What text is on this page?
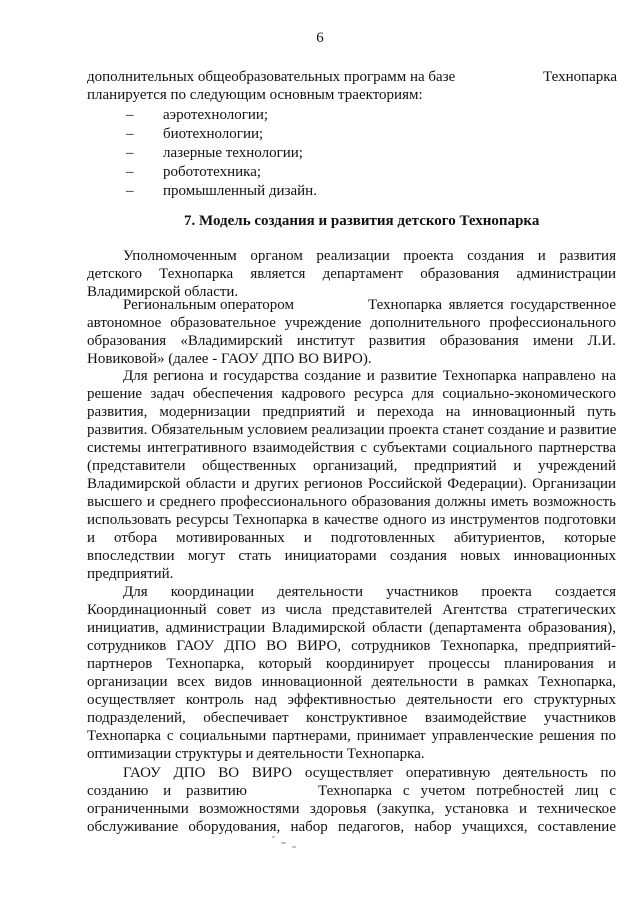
6
дополнительных общеобразовательных программ на базе	Технопарка
планируется по следующим основным траекториям:
– аэротехнологии;
– биотехнологии;
– лазерные технологии;
– робототехника;
– промышленный дизайн.
7. Модель создания и развития детского Технопарка
Уполномоченным органом реализации проекта создания и развития
детского Технопарка является департамент образования администрации
Владимирской области.
Региональным оператором	Технопарка является государственное
автономное образовательное учреждение дополнительного профессионального
образования «Владимирский институт развития образования имени Л.И.
Новиковой» (далее - ГАОУ ДПО ВО ВИРО).
Для региона и государства создание и развитие Технопарка направлено на
решение задач обеспечения кадрового ресурса для социально-экономического
развития, модернизации предприятий и перехода на инновационный путь
развития. Обязательным условием реализации проекта станет создание и развитие
системы интегративного взаимодействия с субъектами социального партнерства
(представители общественных организаций, предприятий и учреждений
Владимирской области и других регионов Российской Федерации). Организации
высшего и среднего профессионального образования должны иметь возможность
использовать ресурсы Технопарка в качестве одного из инструментов подготовки
и отбора мотивированных и подготовленных абитуриентов, которые
впоследствии могут стать инициаторами создания новых инновационных
предприятий.
Для координации деятельности участников проекта создается
Координационный совет из числа представителей Агентства стратегических
инициатив, администрации Владимирской области (департамента образования),
сотрудников ГАОУ ДПО ВО ВИРО, сотрудников Технопарка, предприятий-
партнеров Технопарка, который координирует процессы планирования и
организации всех видов инновационной деятельности в рамках Технопарка,
осуществляет контроль над эффективностью деятельности его структурных
подразделений, обеспечивает конструктивное взаимодействие участников
Технопарка с социальными партнерами, принимает управленческие решения по
оптимизации структуры и деятельности Технопарка.
ГАОУ ДПО ВО ВИРО осуществляет оперативную деятельность по
созданию и развитию	Технопарка с учетом потребностей лиц с
ограниченными возможностями здоровья (закупка, установка и техническое
обслуживание оборудования, набор педагогов, набор учащихся, составление
